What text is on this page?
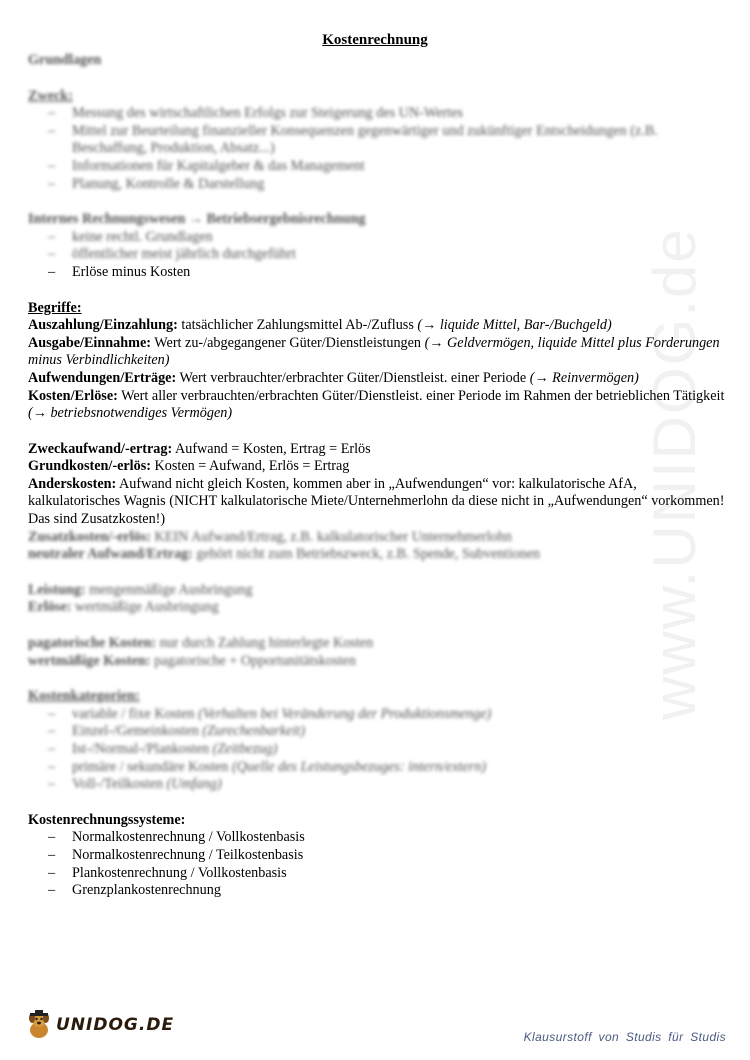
www.UNIDOG.de
Kostenrechnung

Grundlagen

Zweck:

– Messung des wirtschaftlichen Erfolgs zur Steigerung des UN-Wertes
– Mittel zur Beurteilung finanzieller Konsequenzen gegenwärtiger und zukünftiger Entscheidungen (z.B. Beschaffung, Produktion, Absatz...)
– Informationen für Kapitalgeber & das Management
– Planung, Kontrolle & Darstellung

Internes Rechnungswesen → Betriebsergebnisrechnung

– keine rechtl. Grundlagen
– öffentlicher meist jährlich durchgeführt
– Erlöse minus Kosten

Begriffe:

Auszahlung/Einzahlung: tatsächlicher Zahlungsmittel Ab-/Zufluss (→ liquide Mittel, Bar-/Buchgeld)

Ausgabe/Einnahme: Wert zu-/abgegangener Güter/Dienstleistungen (→ Geldvermögen, liquide Mittel plus Forderungen minus Verbindlichkeiten)

Aufwendungen/Erträge: Wert verbrauchter/erbrachter Güter/Dienstleist. einer Periode (→ Reinvermögen)

Kosten/Erlöse: Wert aller verbrauchten/erbrachten Güter/Dienstleist. einer Periode im Rahmen der betrieblichen Tätigkeit (→ betriebsnotwendiges Vermögen)

Zweckaufwand/-ertrag: Aufwand = Kosten, Ertrag = Erlös

Grundkosten/-erlös: Kosten = Aufwand, Erlös = Ertrag

Anderskosten: Aufwand nicht gleich Kosten, kommen aber in „Aufwendungen“ vor: kalkulatorische AfA, kalkulatorisches Wagnis (NICHT kalkulatorische Miete/Unternehmerlohn da diese nicht in „Aufwendungen“ vorkommen! Das sind Zusatzkosten!)

Zusatzkosten/-erlös: KEIN Aufwand/Ertrag, z.B. kalkulatorischer Unternehmerlohn

neutraler Aufwand/Ertrag: gehört nicht zum Betriebszweck, z.B. Spende, Subventionen

Leistung: mengenmäßige Ausbringung

Erlöse: wertmäßige Ausbringung

pagatorische Kosten: nur durch Zahlung hinterlegte Kosten

wertmäßige Kosten: pagatorische + Opportunitätskosten

Kostenkategorien:

– variable / fixe Kosten (Verhalten bei Veränderung der Produktionsmenge)
– Einzel-/Gemeinkosten (Zurechenbarkeit)
– Ist-/Normal-/Plankosten (Zeitbezug)
– primäre / sekundäre Kosten (Quelle des Leistungsbezuges: intern/extern)
– Voll-/Teilkosten (Umfang)

Kostenrechnungssysteme:

– Normalkostenrechnung / Vollkostenbasis
– Normalkostenrechnung / Teilkostenbasis
– Plankostenrechnung / Vollkostenbasis
– Grenzplankostenrechnung
UNIDOG.DE
Klausurstoff von Studis für Studis
